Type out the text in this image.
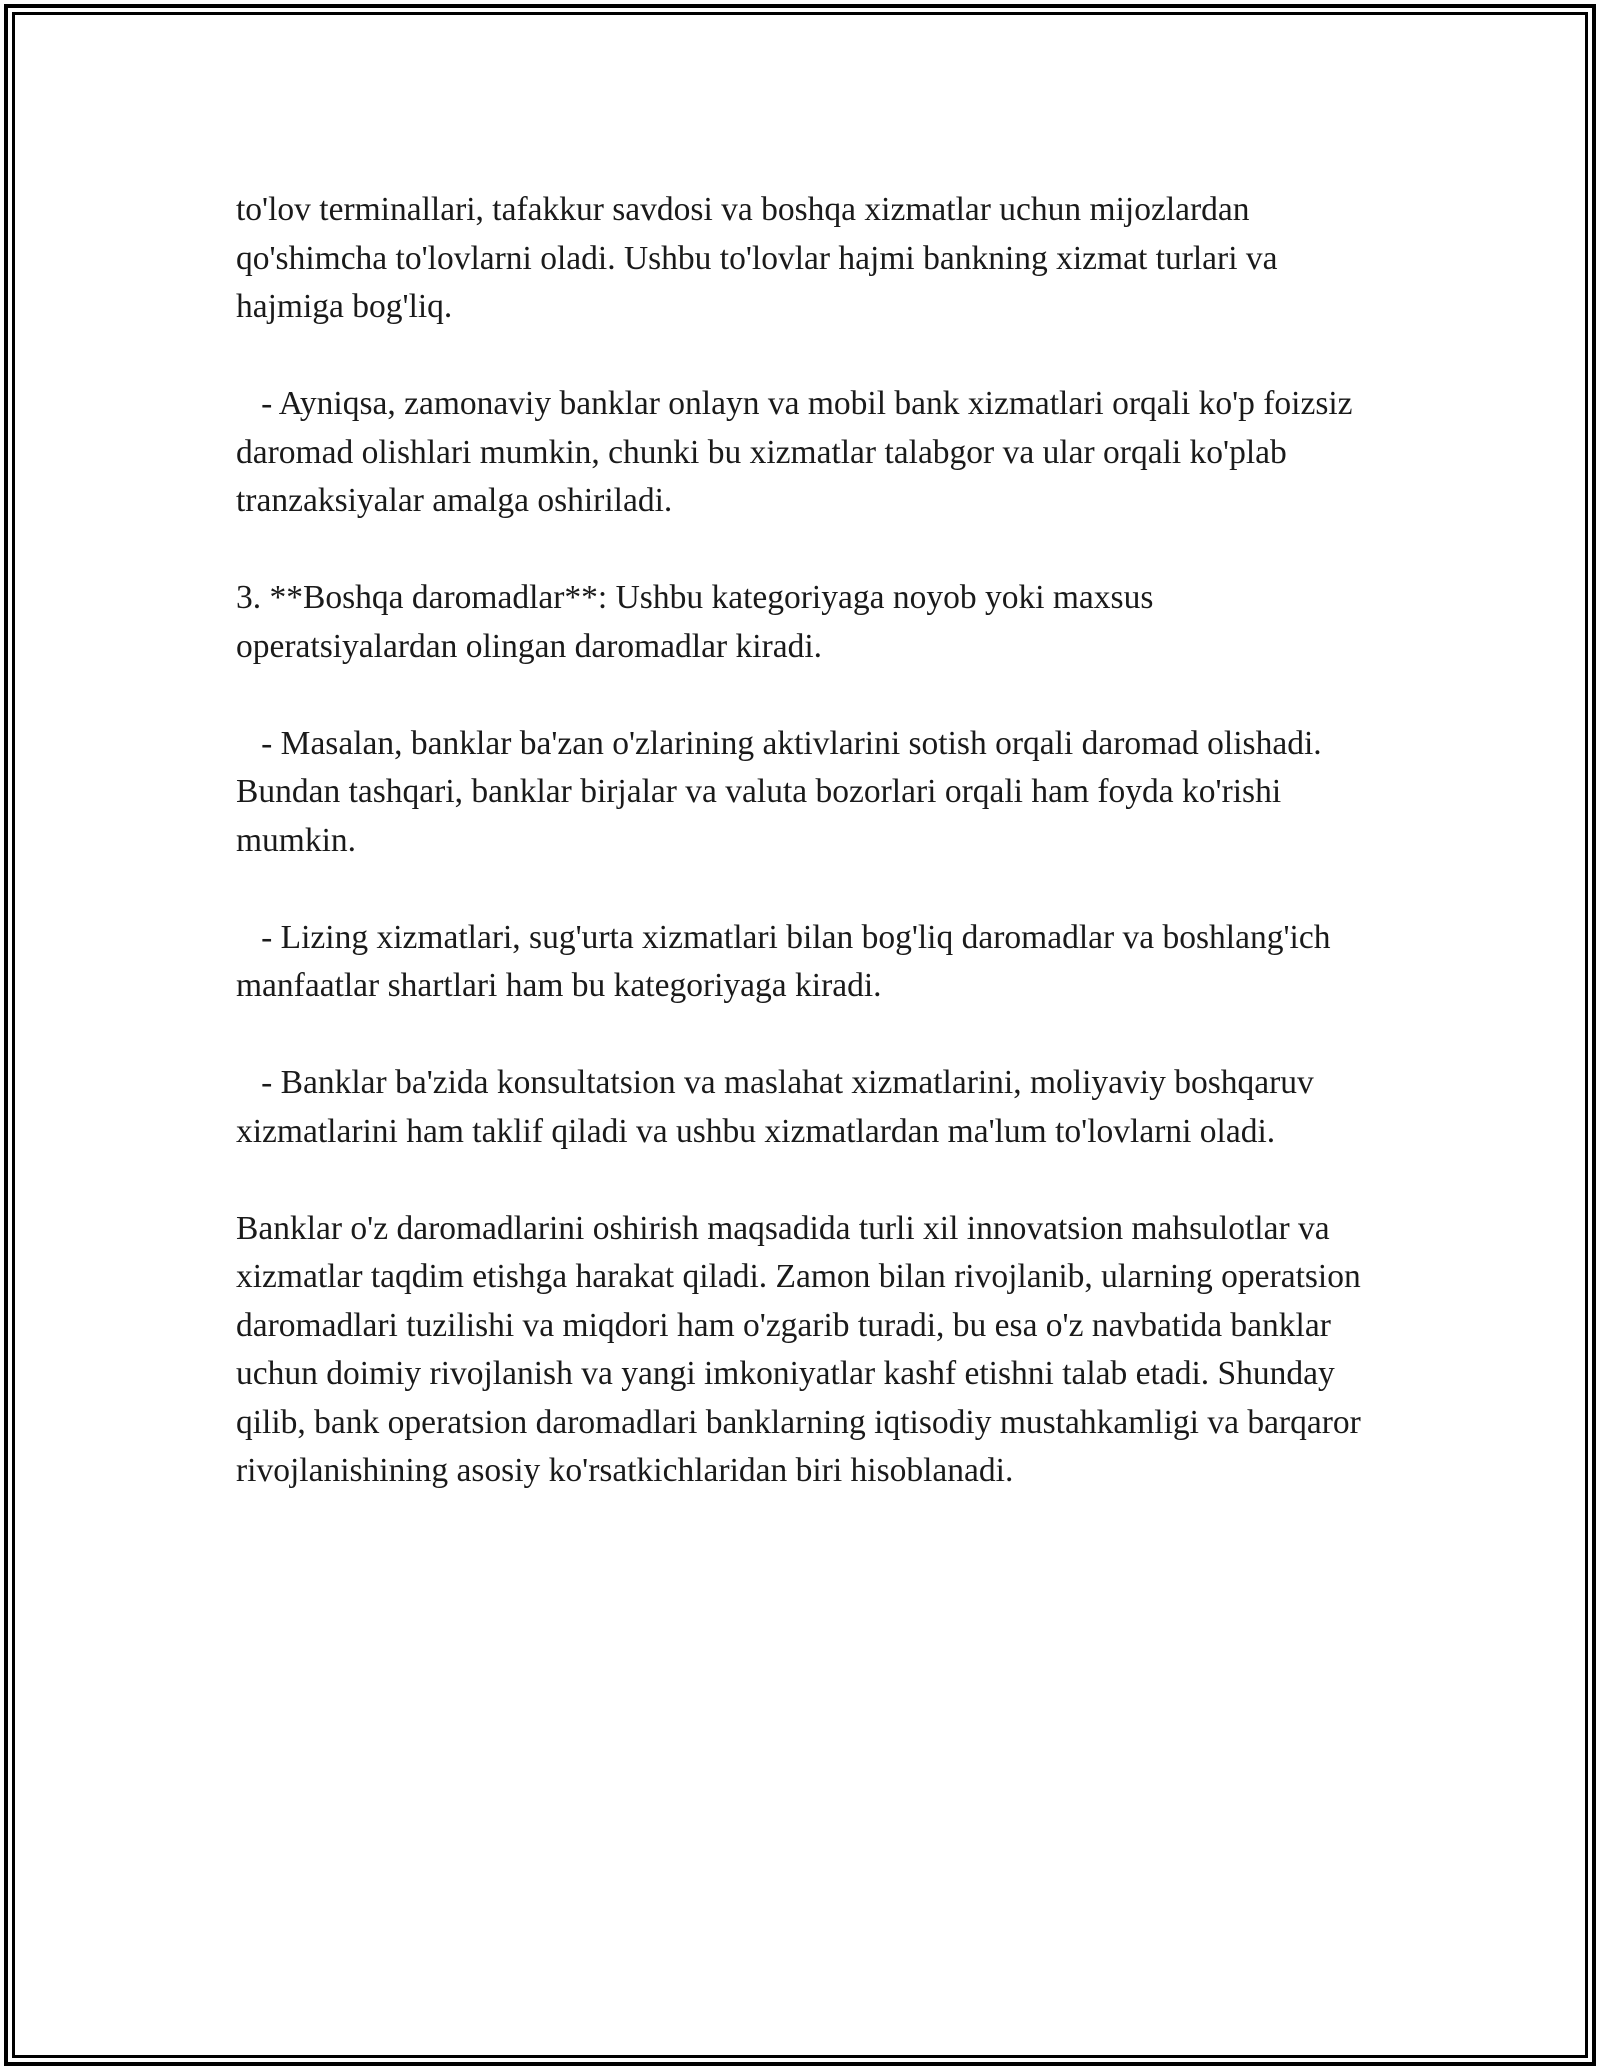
to'lov terminallari, tafakkur savdosi va boshqa xizmatlar uchun mijozlardan qo'shimcha to'lovlarni oladi. Ushbu to'lovlar hajmi bankning xizmat turlari va hajmiga bog'liq.

- Ayniqsa, zamonaviy banklar onlayn va mobil bank xizmatlari orqali ko'p foizsiz daromad olishlari mumkin, chunki bu xizmatlar talabgor va ular orqali ko'plab tranzaksiyalar amalga oshiriladi.

3. **Boshqa daromadlar**: Ushbu kategoriyaga noyob yoki maxsus operatsiyalardan olingan daromadlar kiradi.

- Masalan, banklar ba'zan o'zlarining aktivlarini sotish orqali daromad olishadi. Bundan tashqari, banklar birjalar va valuta bozorlari orqali ham foyda ko'rishi mumkin.

- Lizing xizmatlari, sug'urta xizmatlari bilan bog'liq daromadlar va boshlang'ich manfaatlar shartlari ham bu kategoriyaga kiradi.

- Banklar ba'zida konsultatsion va maslahat xizmatlarini, moliyaviy boshqaruv xizmatlarini ham taklif qiladi va ushbu xizmatlardan ma'lum to'lovlarni oladi.

Banklar o'z daromadlarini oshirish maqsadida turli xil innovatsion mahsulotlar va xizmatlar taqdim etishga harakat qiladi. Zamon bilan rivojlanib, ularning operatsion daromadlari tuzilishi va miqdori ham o'zgarib turadi, bu esa o'z navbatida banklar uchun doimiy rivojlanish va yangi imkoniyatlar kashf etishni talab etadi. Shunday qilib, bank operatsion daromadlari banklarning iqtisodiy mustahkamligi va barqaror rivojlanishining asosiy ko'rsatkichlaridan biri hisoblanadi.
